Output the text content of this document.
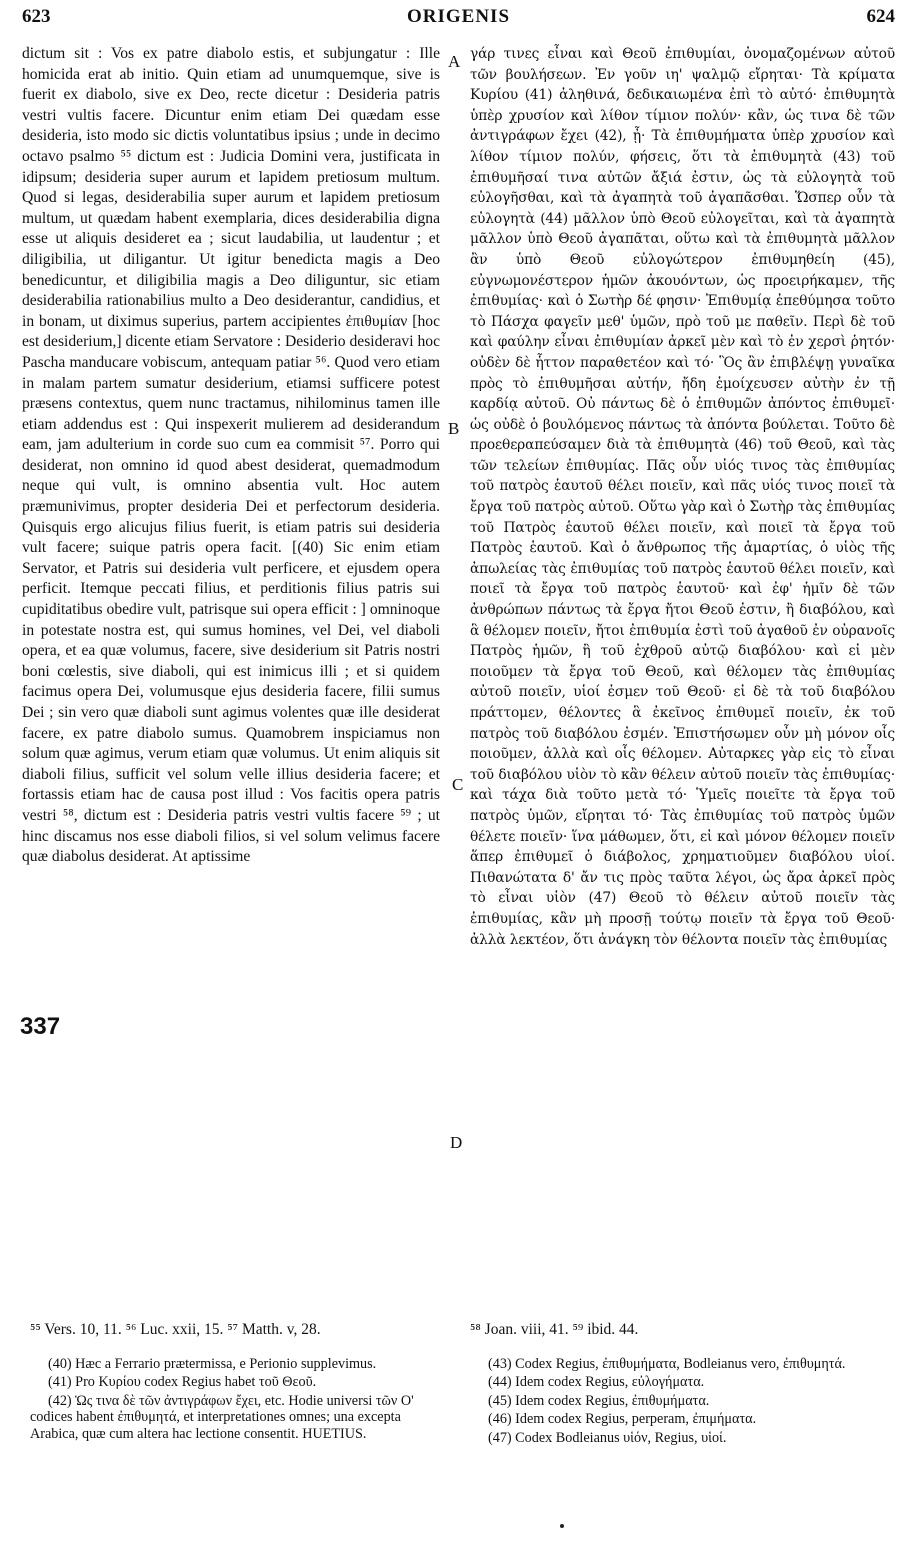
623	ORIGENIS	624

dictum sit : Vos ex patre diabolo estis, et subjungatur : Ille homicida erat ab initio. Quin etiam ad unumquemque, sive is fuerit ex diabolo, sive ex Deo, recte dicetur : Desideria patris vestri vultis facere. Dicuntur enim etiam Dei quædam esse desideria, isto modo sic dictis voluntatibus ipsius ; unde in decimo octavo psalmo ⁵⁵ dictum est : Judicia Domini vera, justificata in idipsum; desideria super aurum et lapidem pretiosum multum. Quod si legas, desiderabilia super aurum et lapidem pretiosum multum, ut quædam habent exemplaria, dices desiderabilia digna esse ut aliquis desideret ea ; sicut laudabilia, ut laudentur ; et diligibilia, ut diligantur. Ut igitur benedicta magis a Deo benedicuntur, et diligibilia magis a Deo diliguntur, sic etiam desiderabilia rationabilius multo a Deo desiderantur, candidius, et in bonam, ut diximus superius, partem accipientes ἐπιθυμίαν [hoc est desiderium,] dicente etiam Servatore : Desiderio desideravi hoc Pascha manducare vobiscum, antequam patiar ⁵⁶. Quod vero etiam in malam partem sumatur desiderium, etiamsi sufficere potest præsens contextus, quem nunc tractamus, nihilominus tamen ille etiam addendus est : Qui inspexerit mulierem ad desiderandum eam, jam adulterium in corde suo cum ea commisit ⁵⁷. Porro qui desiderat, non omnino id quod abest desiderat, quemadmodum neque qui vult, is omnino absentia vult. Hoc autem præmunivimus, propter desideria Dei et perfectorum desideria. Quisquis ergo alicujus filius fuerit, is etiam patris sui desideria vult facere; suique patris opera facit. [(40) Sic enim etiam Servator, et Patris sui desideria vult perficere, et ejusdem opera perficit. Itemque peccati filius, et perditionis filius patris sui cupiditatibus obedire vult, patrisque sui opera efficit : ] omninoque in potestate nostra est, qui sumus homines, vel Dei, vel diaboli opera, et ea quæ volumus, facere, sive desiderium sit Patris nostri boni cœlestis, sive diaboli, qui est inimicus illi ; et si quidem facimus opera Dei, volumusque ejus desideria facere, filii sumus Dei ; sin vero quæ diaboli sunt agimus volentes quæ ille desiderat facere, ex patre diabolo sumus. Quamobrem inspiciamus non solum quæ agimus, verum etiam quæ volumus. Ut enim aliquis sit diaboli filius, sufficit vel solum velle illius desideria facere; et fortassis etiam hac de causa post illud : Vos facitis opera patris vestri ⁵⁸, dictum est : Desideria patris vestri vultis facere ⁵⁹ ; ut hinc discamus nos esse diaboli filios, si vel solum velimus facere quæ diabolus desiderat. At aptissime

γάρ τινες εἶναι καὶ Θεοῦ ἐπιθυμίαι, ὀνομαζομένων αὐτοῦ τῶν βουλήσεων. Ἐν γοῦν ιη' ψαλμῷ εἴρηται· Τὰ κρίματα Κυρίου (41) ἀληθινά, δεδικαιωμένα ἐπὶ τὸ αὐτό· ἐπιθυμητὰ ὑπὲρ χρυσίον καὶ λίθον τίμιον πολύν· κἂν, ὡς τινα δὲ τῶν ἀντιγράφων ἔχει (42), ᾖ· Τὰ ἐπιθυμήματα ὑπὲρ χρυσίον καὶ λίθον τίμιον πολύν, φήσεις, ὅτι τὰ ἐπιθυμητὰ (43) τοῦ ἐπιθυμῆσαί τινα αὐτῶν ἄξιά ἐστιν, ὡς τὰ εὐλογητὰ τοῦ εὐλογῆσθαι, καὶ τὰ ἀγαπητὰ τοῦ ἀγαπᾶσθαι. Ὥσπερ οὖν τὰ εὐλογητὰ (44) μᾶλλον ὑπὸ Θεοῦ εὐλογεῖται, καὶ τὰ ἀγαπητὰ μᾶλλον ὑπὸ Θεοῦ ἀγαπᾶται, οὕτω καὶ τὰ ἐπιθυμητὰ μᾶλλον ἂν ὑπὸ Θεοῦ εὐλογώτερον ἐπιθυμηθείη (45), εὐγνωμονέστερον ἡμῶν ἀκουόντων, ὡς προειρήκαμεν, τῆς ἐπιθυμίας· καὶ ὁ Σωτὴρ δέ φησιν· Ἐπιθυμίᾳ ἐπεθύμησα τοῦτο τὸ Πάσχα φαγεῖν μεθ' ὑμῶν, πρὸ τοῦ με παθεῖν. Περὶ δὲ τοῦ καὶ φαύλην εἶναι ἐπιθυμίαν ἀρκεῖ μὲν καὶ τὸ ἐν χερσὶ ῥητόν· οὐδὲν δὲ ἧττον παραθετέον καὶ τό· Ὃς ἂν ἐπιβλέψῃ γυναῖκα πρὸς τὸ ἐπιθυμῆσαι αὐτήν, ἤδη ἐμοίχευσεν αὐτὴν ἐν τῇ καρδίᾳ αὐτοῦ. Οὐ πάντως δὲ ὁ ἐπιθυμῶν ἀπόντος ἐπιθυμεῖ· ὡς οὐδὲ ὁ βουλόμενος πάντως τὰ ἀπόντα βούλεται. Τοῦτο δὲ προεθεραπεύσαμεν διὰ τὰ ἐπιθυμητὰ (46) τοῦ Θεοῦ, καὶ τὰς τῶν τελείων ἐπιθυμίας. Πᾶς οὖν υἱός τινος τὰς ἐπιθυμίας τοῦ πατρὸς ἑαυτοῦ θέλει ποιεῖν, καὶ πᾶς υἱός τινος ποιεῖ τὰ ἔργα τοῦ πατρὸς αὐτοῦ. Οὕτω γὰρ καὶ ὁ Σωτὴρ τὰς ἐπιθυμίας τοῦ Πατρὸς ἑαυτοῦ θέλει ποιεῖν, καὶ ποιεῖ τὰ ἔργα τοῦ Πατρὸς ἑαυτοῦ. Καὶ ὁ ἄνθρωπος τῆς ἁμαρτίας, ὁ υἱὸς τῆς ἀπωλείας τὰς ἐπιθυμίας τοῦ πατρὸς ἑαυτοῦ θέλει ποιεῖν, καὶ ποιεῖ τὰ ἔργα τοῦ πατρὸς ἑαυτοῦ· καὶ ἐφ' ἡμῖν δὲ τῶν ἀνθρώπων πάντως τὰ ἔργα ἤτοι Θεοῦ ἐστιν, ἢ διαβόλου, καὶ ἃ θέλομεν ποιεῖν, ἤτοι ἐπιθυμία ἐστὶ τοῦ ἀγαθοῦ ἐν οὐρανοῖς Πατρὸς ἡμῶν, ἢ τοῦ ἐχθροῦ αὐτῷ διαβόλου· καὶ εἰ μὲν ποιοῦμεν τὰ ἔργα τοῦ Θεοῦ, καὶ θέλομεν τὰς ἐπιθυμίας αὐτοῦ ποιεῖν, υἱοί ἐσμεν τοῦ Θεοῦ· εἰ δὲ τὰ τοῦ διαβόλου πράττομεν, θέλοντες ἃ ἐκεῖνος ἐπιθυμεῖ ποιεῖν, ἐκ τοῦ πατρὸς τοῦ διαβόλου ἐσμέν. Ἐπιστήσωμεν οὖν μὴ μόνον οἷς ποιοῦμεν, ἀλλὰ καὶ οἷς θέλομεν. Αὐταρκες γὰρ εἰς τὸ εἶναι τοῦ διαβόλου υἱὸν τὸ κἂν θέλειν αὐτοῦ ποιεῖν τὰς ἐπιθυμίας· καὶ τάχα διὰ τοῦτο μετὰ τό· Ὑμεῖς ποιεῖτε τὰ ἔργα τοῦ πατρὸς ὑμῶν, εἴρηται τό· Τὰς ἐπιθυμίας τοῦ πατρὸς ὑμῶν θέλετε ποιεῖν· ἵνα μάθωμεν, ὅτι, εἰ καὶ μόνον θέλομεν ποιεῖν ἅπερ ἐπιθυμεῖ ὁ διάβολος, χρηματιοῦμεν διαβόλου υἱοί. Πιθανώτατα δ' ἄν τις πρὸς ταῦτα λέγοι, ὡς ἄρα ἀρκεῖ πρὸς τὸ εἶναι υἱὸν (47) Θεοῦ τὸ θέλειν αὐτοῦ ποιεῖν τὰς ἐπιθυμίας, κἂν μὴ προσῇ τούτῳ ποιεῖν τὰ ἔργα τοῦ Θεοῦ· ἀλλὰ λεκτέον, ὅτι ἀνάγκη τὸν θέλοντα ποιεῖν τὰς ἐπιθυμίας

A
B
C
D
337
⁵⁵ Vers. 10, 11. ⁵⁶ Luc. xxii, 15. ⁵⁷ Matth. v, 28.	⁵⁸ Joan. viii, 41. ⁵⁹ ibid. 44.

(40) Hæc a Ferrario prætermissa, e Perionio supplevimus.

(41) Pro Κυρίου codex Regius habet τοῦ Θεοῦ.

(42) Ὡς τινα δὲ τῶν ἀντιγράφων ἔχει, etc. Hodie universi τῶν Ο' codices habent ἐπιθυμητά, et interpretationes omnes; una excepta Arabica, quæ cum altera hac lectione consentit. HUETIUS.

(43) Codex Regius, ἐπιθυμήματα, Bodleianus vero, ἐπιθυμητά.

(44) Idem codex Regius, εὐλογήματα.

(45) Idem codex Regius, ἐπιθυμήματα.

(46) Idem codex Regius, perperam, ἐπιμήματα.

(47) Codex Bodleianus υἱόν, Regius, υἱοί.
